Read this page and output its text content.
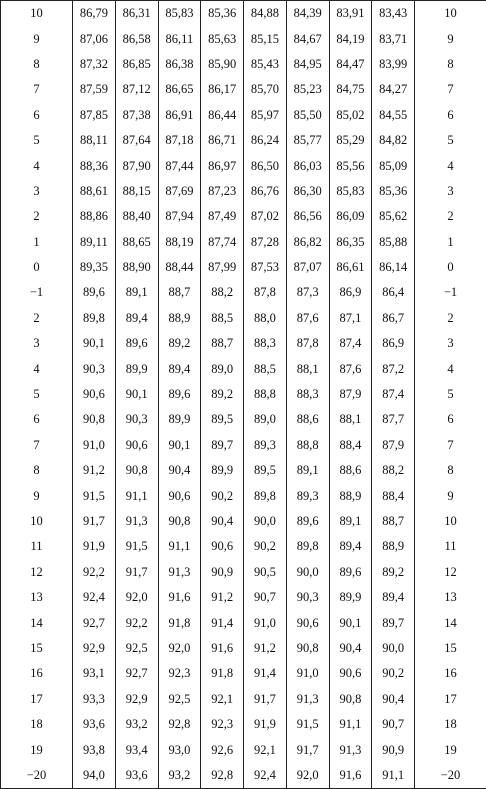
10	86,79	86,31	85,83	85,36	84,88	84,39	83,91	83,43	10
9	87,06	86,58	86,11	85,63	85,15	84,67	84,19	83,71	9
8	87,32	86,85	86,38	85,90	85,43	84,95	84,47	83,99	8
7	87,59	87,12	86,65	86,17	85,70	85,23	84,75	84,27	7
6	87,85	87,38	86,91	86,44	85,97	85,50	85,02	84,55	6
5	88,11	87,64	87,18	86,71	86,24	85,77	85,29	84,82	5
4	88,36	87,90	87,44	86,97	86,50	86,03	85,56	85,09	4
3	88,61	88,15	87,69	87,23	86,76	86,30	85,83	85,36	3
2	88,86	88,40	87,94	87,49	87,02	86,56	86,09	85,62	2
1	89,11	88,65	88,19	87,74	87,28	86,82	86,35	85,88	1
0	89,35	88,90	88,44	87,99	87,53	87,07	86,61	86,14	0
−1	89,6	89,1	88,7	88,2	87,8	87,3	86,9	86,4	−1
2	89,8	89,4	88,9	88,5	88,0	87,6	87,1	86,7	2
3	90,1	89,6	89,2	88,7	88,3	87,8	87,4	86,9	3
4	90,3	89,9	89,4	89,0	88,5	88,1	87,6	87,2	4
5	90,6	90,1	89,6	89,2	88,8	88,3	87,9	87,4	5
6	90,8	90,3	89,9	89,5	89,0	88,6	88,1	87,7	6
7	91,0	90,6	90,1	89,7	89,3	88,8	88,4	87,9	7
8	91,2	90,8	90,4	89,9	89,5	89,1	88,6	88,2	8
9	91,5	91,1	90,6	90,2	89,8	89,3	88,9	88,4	9
10	91,7	91,3	90,8	90,4	90,0	89,6	89,1	88,7	10
11	91,9	91,5	91,1	90,6	90,2	89,8	89,4	88,9	11
12	92,2	91,7	91,3	90,9	90,5	90,0	89,6	89,2	12
13	92,4	92,0	91,6	91,2	90,7	90,3	89,9	89,4	13
14	92,7	92,2	91,8	91,4	91,0	90,6	90,1	89,7	14
15	92,9	92,5	92,0	91,6	91,2	90,8	90,4	90,0	15
16	93,1	92,7	92,3	91,8	91,4	91,0	90,6	90,2	16
17	93,3	92,9	92,5	92,1	91,7	91,3	90,8	90,4	17
18	93,6	93,2	92,8	92,3	91,9	91,5	91,1	90,7	18
19	93,8	93,4	93,0	92,6	92,1	91,7	91,3	90,9	19
−20	94,0	93,6	93,2	92,8	92,4	92,0	91,6	91,1	−20
